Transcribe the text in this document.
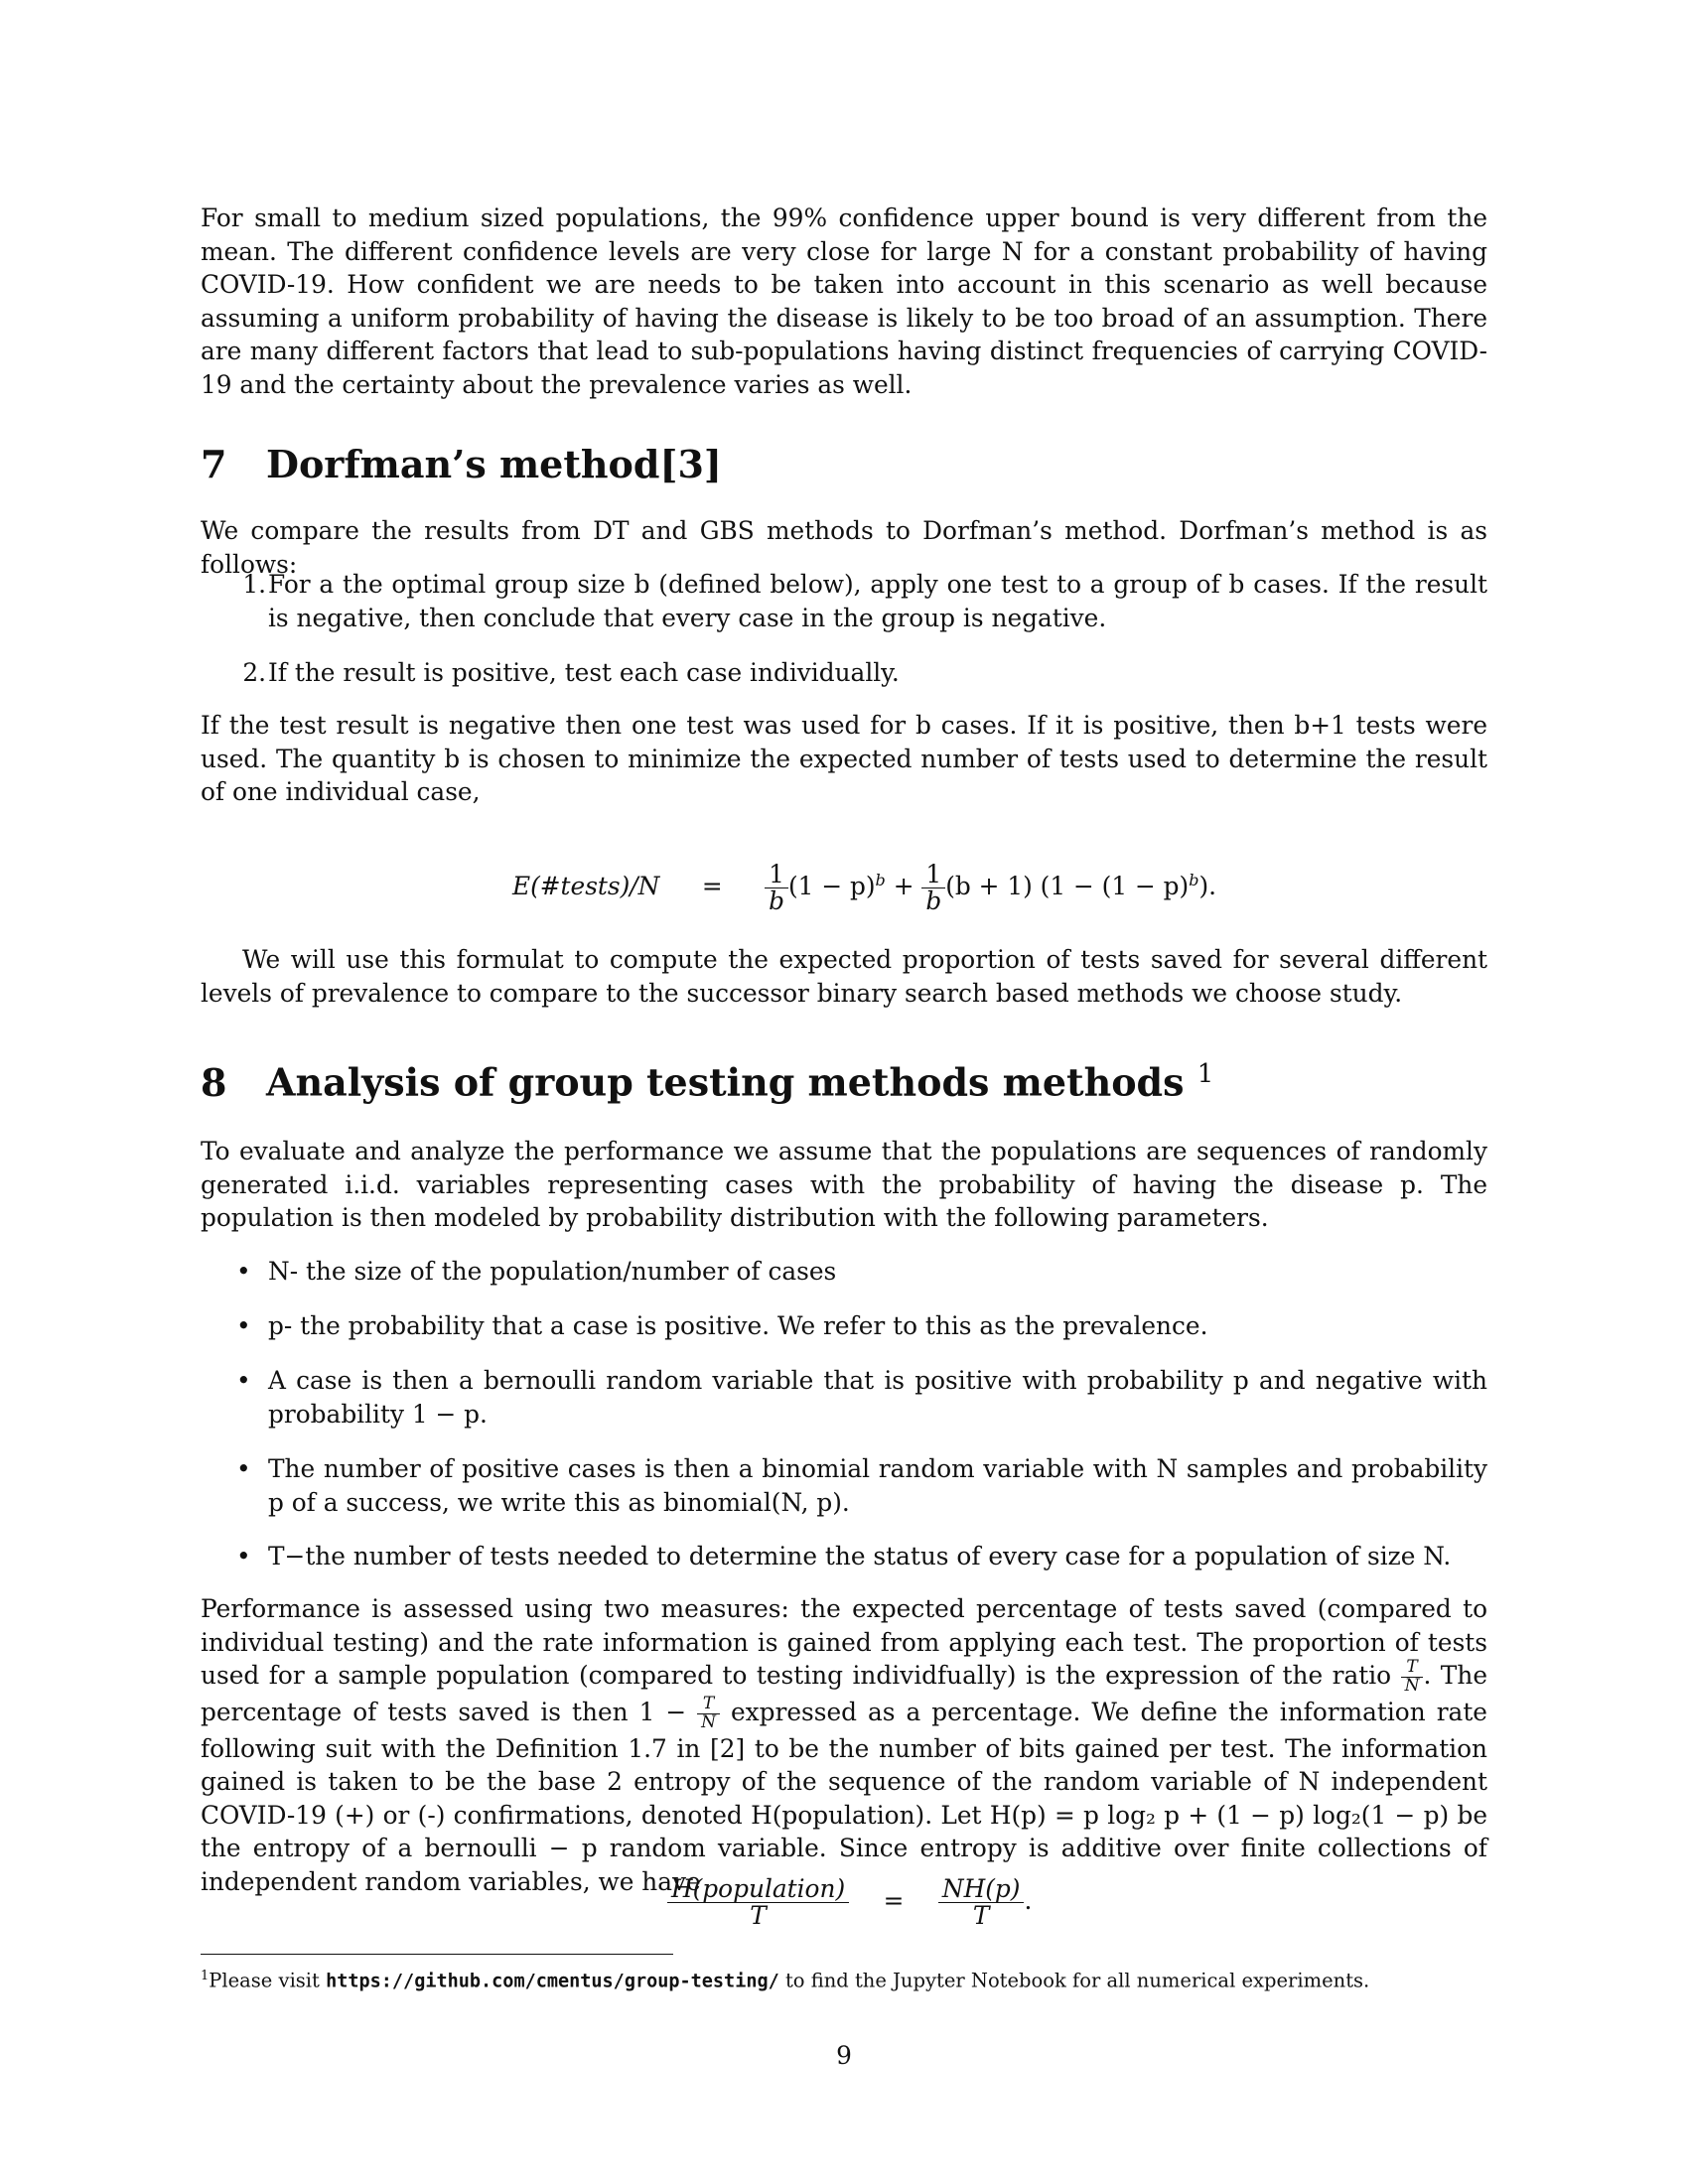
For small to medium sized populations, the 99% confidence upper bound is very different from the mean. The different confidence levels are very close for large N for a constant probability of having COVID-19. How confident we are needs to be taken into account in this scenario as well because assuming a uniform probability of having the disease is likely to be too broad of an assumption. There are many different factors that lead to sub-populations having distinct frequencies of carrying COVID-19 and the certainty about the prevalence varies as well.

7 Dorfman’s method[3]

We compare the results from DT and GBS methods to Dorfman’s method. Dorfman’s method is as follows:

1. For a the optimal group size b (defined below), apply one test to a group of b cases. If the result is negative, then conclude that every case in the group is negative.
2. If the result is positive, test each case individually.

If the test result is negative then one test was used for b cases. If it is positive, then b+1 tests were used. The quantity b is chosen to minimize the expected number of tests used to determine the result of one individual case,

E(#tests)/N = $\frac{1}{b} (1 - p)^b + \frac{1}{b} (b + 1) (1 - (1 - p)^b)$.

We will use this formulat to compute the expected proportion of tests saved for several different levels of prevalence to compare to the successor binary search based methods we choose study.

8 Analysis of group testing methods methods $^1$

To evaluate and analyze the performance we assume that the populations are sequences of randomly generated i.i.d. variables representing cases with the probability of having the disease p. The population is then modeled by probability distribution with the following parameters.

• N- the size of the population/number of cases
• p- the probability that a case is positive. We refer to this as the prevalence.
• A case is then a bernoulli random variable that is positive with probability p and negative with probability 1 − p.
• The number of positive cases is then a binomial random variable with N samples and probability p of a success, we write this as binomial(N, p).
• T−the number of tests needed to determine the status of every case for a population of size N.

Performance is assessed using two measures: the expected percentage of tests saved (compared to individual testing) and the rate information is gained from applying each test. The proportion of tests used for a sample population (compared to testing individfually) is the expression of the ratio $\frac{T}{N}$ . The percentage of tests saved is then $1 - \frac{T}{N}$ expressed as a percentage. We define the information rate following suit with the Definition 1.7 in [2] to be the number of bits gained per test. The information gained is taken to be the base 2 entropy of the sequence of the random variable of N independent COVID-19 (+) or (-) confirmations, denoted H(population). Let H(p) = p log₂ p + (1 − p) log₂(1 − p) be the entropy of a bernoulli − p random variable. Since entropy is additive over finite collections of independent random variables, we have

$\frac{\text{H(population)}}{T} = \frac{NH(p)}{T}$ .
$^1$Please visit https://github.com/cmentus/group-testing/ to find the Jupyter Notebook for all numerical experiments.
9
